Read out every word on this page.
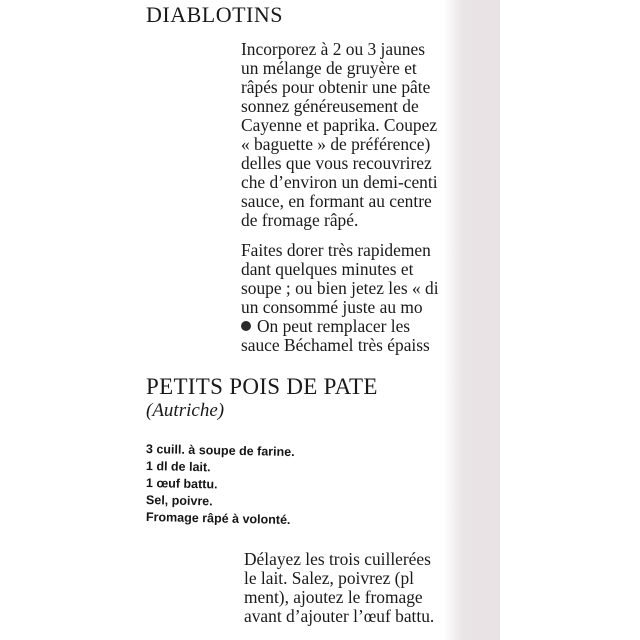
DIABLOTINS
Incorporez à 2 ou 3 jaunes
un mélange de gruyère et
râpés pour obtenir une pâte
sonnez généreusement de
Cayenne et paprika. Coupez
« baguette » de préférence)
delles que vous recouvrirez
che d’environ un demi-centi
sauce, en formant au centre
de fromage râpé.
Faites dorer très rapidemen
dant quelques minutes et
soupe ; ou bien jetez les « di
un consommé juste au mo
On peut remplacer les
sauce Béchamel très épaiss
PETITS POIS DE PATE
(Autriche)
3 cuill. à soupe de farine.
1 dl de lait.
1 œuf battu.
Sel, poivre.
Fromage râpé à volonté.
Délayez les trois cuillerées
le lait. Salez, poivrez (pl
ment), ajoutez le fromage
avant d’ajouter l’œuf battu.
